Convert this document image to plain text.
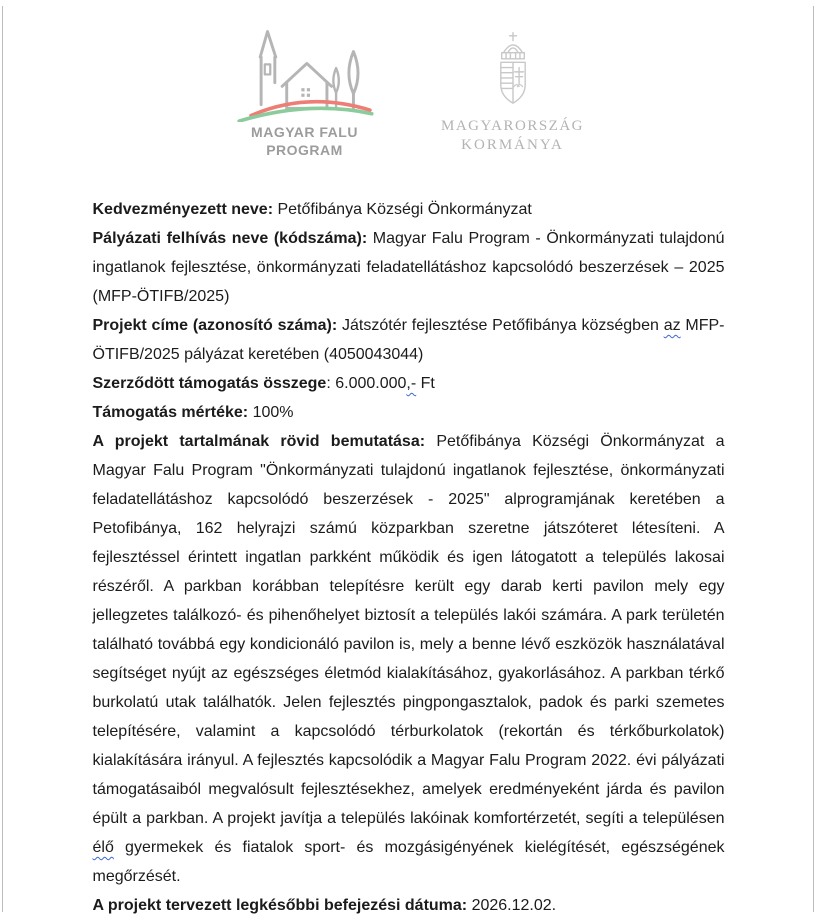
MAGYAR FALU
PROGRAM
MAGYARORSZÁG
KORMÁNYA

Kedvezményezett neve: Petőfibánya Községi Önkormányzat

Pályázati felhívás neve (kódszáma): Magyar Falu Program - Önkormányzati tulajdonú ingatlanok fejlesztése, önkormányzati feladatellátáshoz kapcsolódó beszerzések – 2025 (MFP-ÖTIFB/2025)

Projekt címe (azonosító száma): Játszótér fejlesztése Petőfibánya községben az MFP-ÖTIFB/2025 pályázat keretében (4050043044)

Szerződött támogatás összege: 6.000.000,- Ft

Támogatás mértéke: 100%

A projekt tartalmának rövid bemutatása: Petőfibánya Községi Önkormányzat a Magyar Falu Program "Önkormányzati tulajdonú ingatlanok fejlesztése, önkormányzati feladatellátáshoz kapcsolódó beszerzések - 2025" alprogramjának keretében a Petofibánya, 162 helyrajzi számú közparkban szeretne játszóteret létesíteni. A fejlesztéssel érintett ingatlan parkként működik és igen látogatott a település lakosai részéről. A parkban korábban telepítésre került egy darab kerti pavilon mely egy jellegzetes találkozó- és pihenőhelyet biztosít a település lakói számára. A park területén található továbbá egy kondicionáló pavilon is, mely a benne lévő eszközök használatával segítséget nyújt az egészséges életmód kialakításához, gyakorlásához. A parkban térkő burkolatú utak találhatók. Jelen fejlesztés pingpongasztalok, padok és parki szemetes telepítésére, valamint a kapcsolódó térburkolatok (rekortán és térkőburkolatok) kialakítására irányul. A fejlesztés kapcsolódik a Magyar Falu Program 2022. évi pályázati támogatásaiból megvalósult fejlesztésekhez, amelyek eredményeként járda és pavilon épült a parkban. A projekt javítja a település lakóinak komfortérzetét, segíti a településen élő gyermekek és fiatalok sport- és mozgásigényének kielégítését, egészségének megőrzését.

A projekt tervezett legkésőbbi befejezési dátuma: 2026.12.02.
